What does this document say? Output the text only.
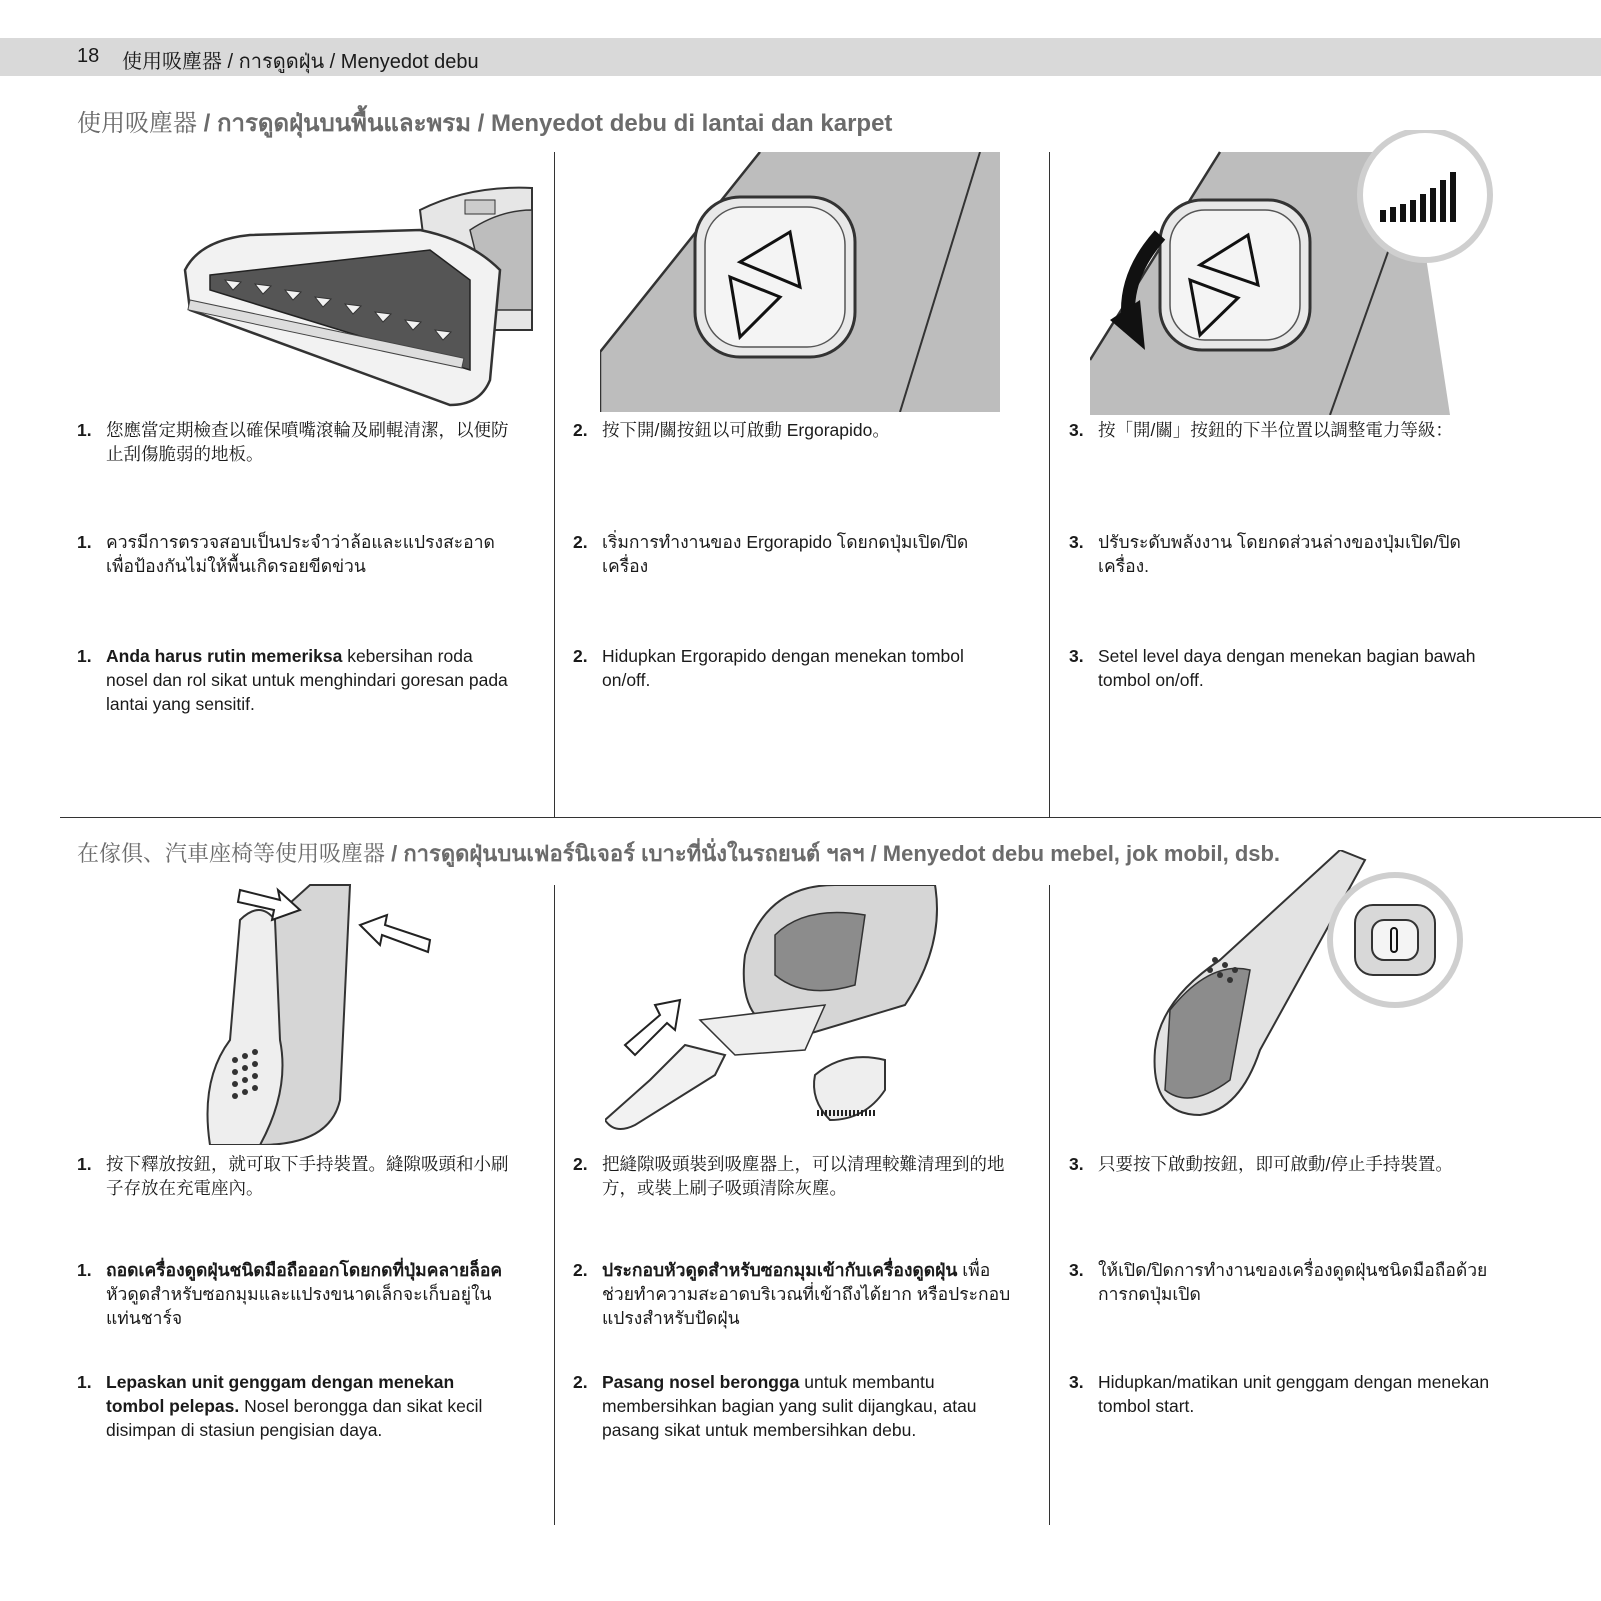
18 使用吸塵器 / การดูดฝุ่น / Menyedot debu
使用吸塵器 / การดูดฝุ่นบนพื้นและพรม / Menyedot debu di lantai dan karpet
1. 您應當定期檢查以確保噴嘴滾輪及刷輥清潔，以便防止刮傷脆弱的地板。
1. ควรมีการตรวจสอบเป็นประจำว่าล้อและแปรงสะอาด เพื่อป้องกันไม่ให้พื้นเกิดรอยขีดข่วน
1. Anda harus rutin memeriksa kebersihan roda nosel dan rol sikat untuk menghindari goresan pada lantai yang sensitif.
2. 按下開/關按鈕以可啟動 Ergorapido。
2. เริ่มการทำงานของ Ergorapido โดยกดปุ่มเปิด/ปิดเครื่อง
2. Hidupkan Ergorapido dengan menekan tombol on/off.
3. 按「開/關」按鈕的下半位置以調整電力等級：
3. ปรับระดับพลังงาน โดยกดส่วนล่างของปุ่มเปิด/ปิดเครื่อง.
3. Setel level daya dengan menekan bagian bawah tombol on/off.
在傢俱、汽車座椅等使用吸塵器 / การดูดฝุ่นบนเฟอร์นิเจอร์ เบาะที่นั่งในรถยนต์ ฯลฯ / Menyedot debu mebel, jok mobil, dsb.
1. 按下釋放按鈕，就可取下手持裝置。縫隙吸頭和小刷子存放在充電座內。
1. ถอดเครื่องดูดฝุ่นชนิดมือถือออกโดยกดที่ปุ่มคลายล็อค หัวดูดสำหรับซอกมุมและแปรงขนาดเล็กจะเก็บอยู่ในแท่นชาร์จ
1. Lepaskan unit genggam dengan menekan tombol pelepas. Nosel berongga dan sikat kecil disimpan di stasiun pengisian daya.
2. 把縫隙吸頭裝到吸塵器上，可以清理較難清理到的地方，或裝上刷子吸頭清除灰塵。
2. ประกอบหัวดูดสำหรับซอกมุมเข้ากับเครื่องดูดฝุ่น เพื่อช่วยทำความสะอาดบริเวณที่เข้าถึงได้ยาก หรือประกอบแปรงสำหรับปัดฝุ่น
2. Pasang nosel berongga untuk membantu membersihkan bagian yang sulit dijangkau, atau pasang sikat untuk membersihkan debu.
3. 只要按下啟動按鈕，即可啟動/停止手持裝置。
3. ให้เปิด/ปิดการทำงานของเครื่องดูดฝุ่นชนิดมือถือด้วยการกดปุ่มเปิด
3. Hidupkan/matikan unit genggam dengan menekan tombol start.
